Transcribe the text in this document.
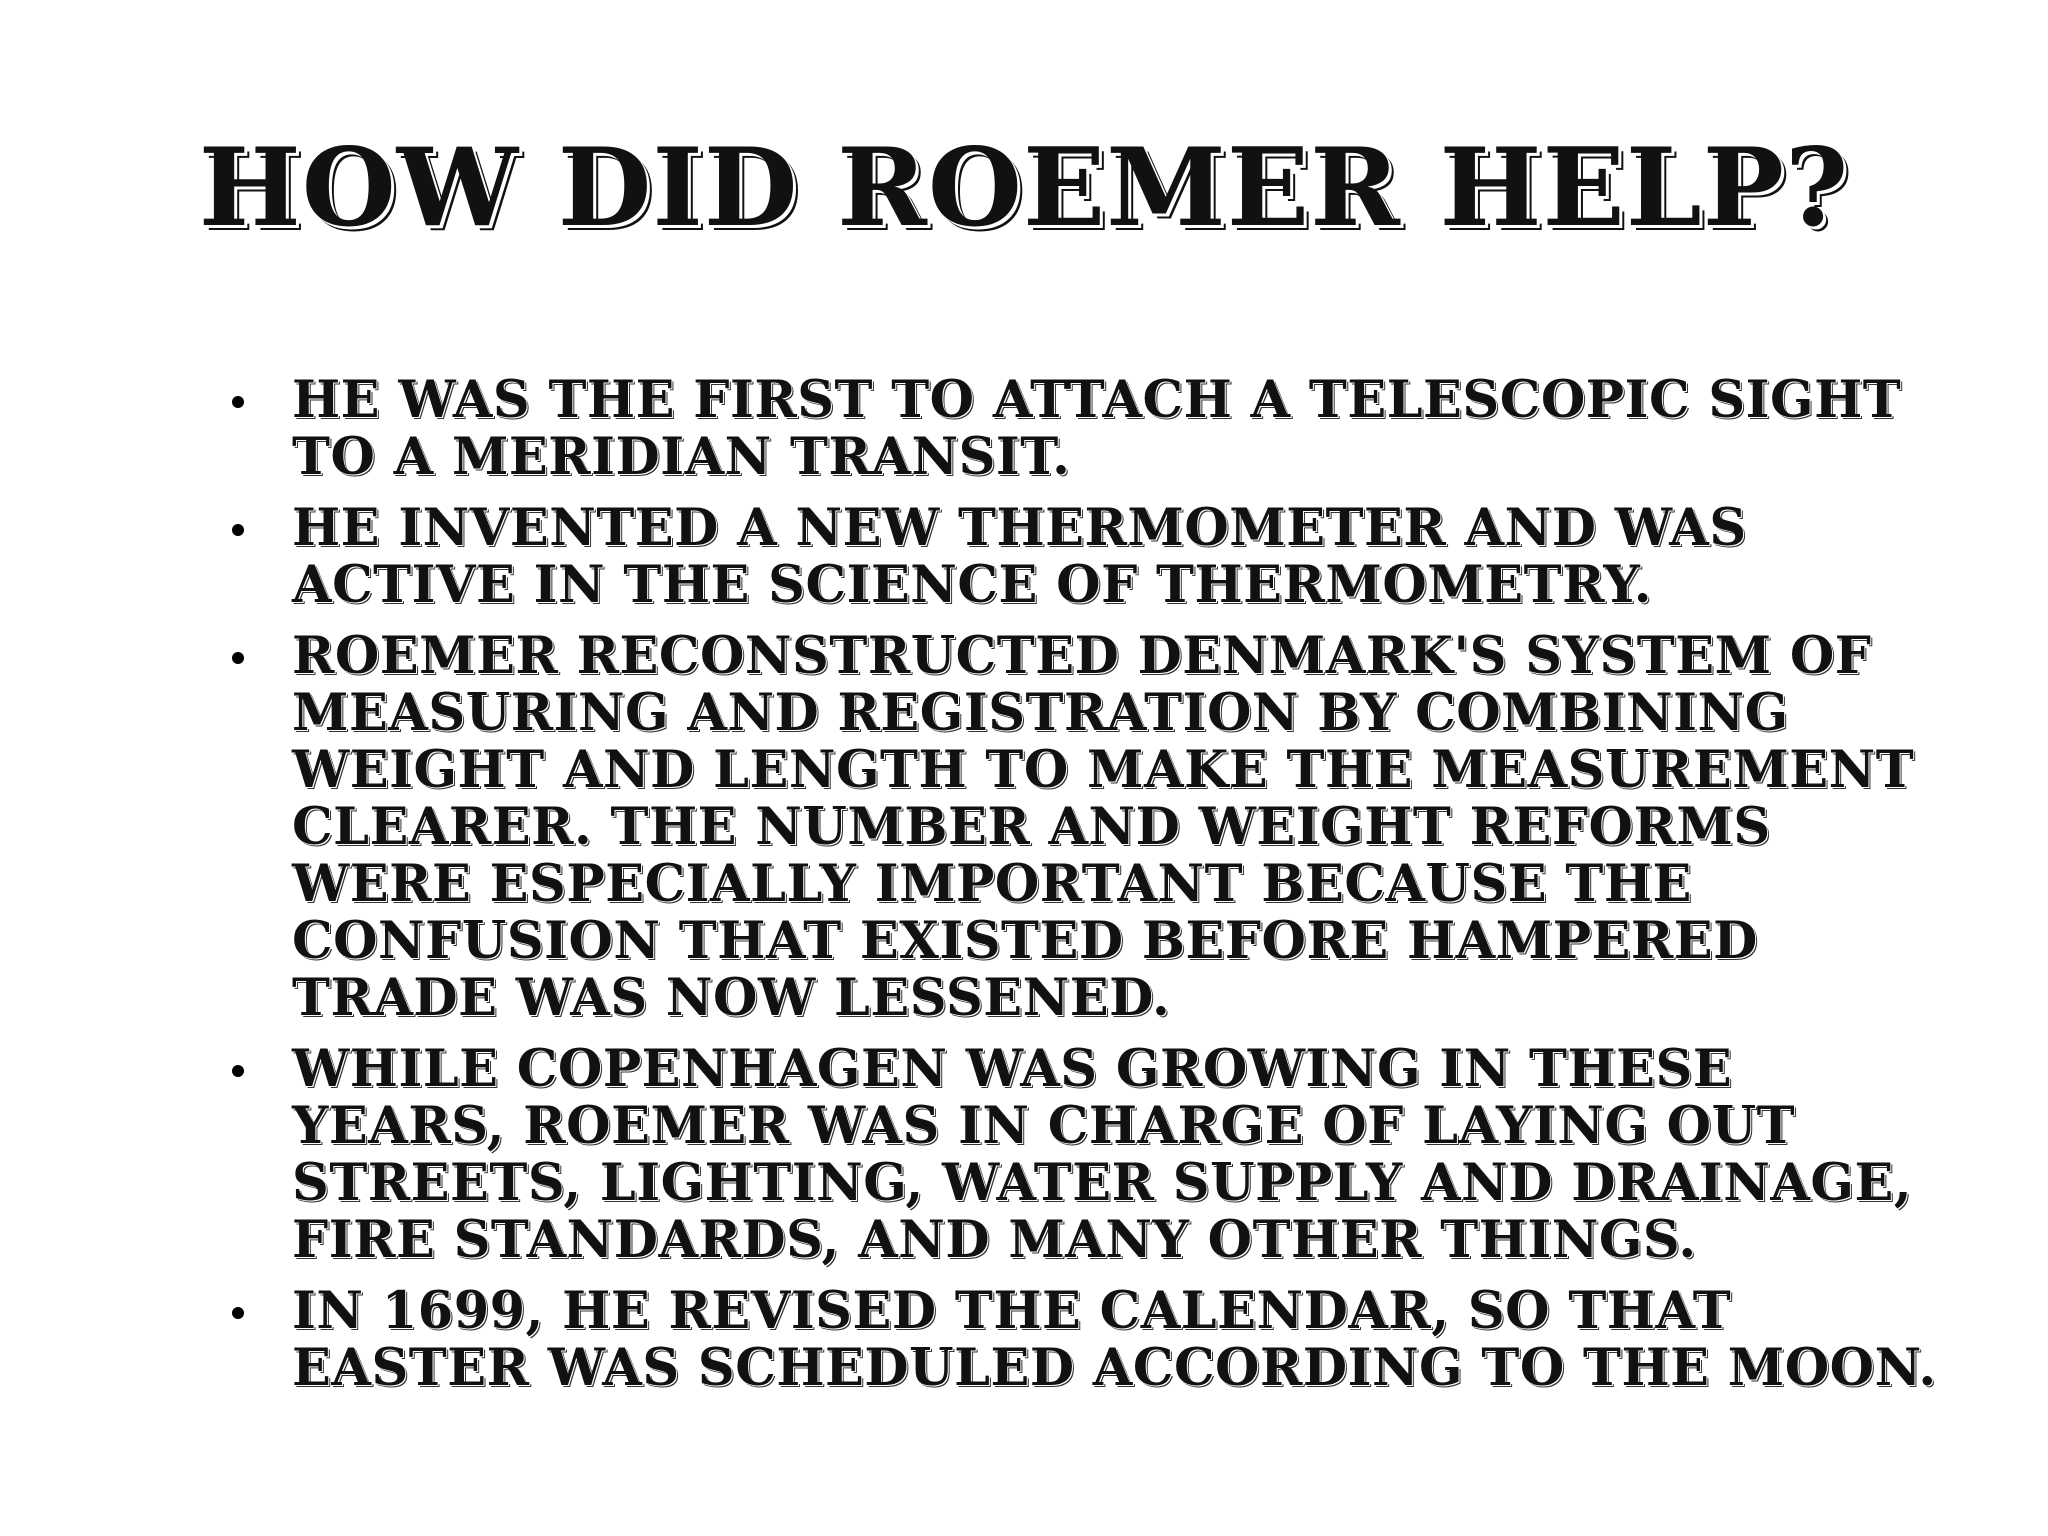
HOW DID ROEMER HELP?
HE WAS THE FIRST TO ATTACH A TELESCOPIC SIGHT TO A MERIDIAN TRANSIT.
HE INVENTED A NEW THERMOMETER AND WAS ACTIVE IN THE SCIENCE OF THERMOMETRY.
ROEMER RECONSTRUCTED DENMARK'S SYSTEM OF MEASURING AND REGISTRATION BY COMBINING WEIGHT AND LENGTH TO MAKE THE MEASUREMENT CLEARER. THE NUMBER AND WEIGHT REFORMS WERE ESPECIALLY IMPORTANT BECAUSE THE CONFUSION THAT EXISTED BEFORE HAMPERED TRADE WAS NOW LESSENED.
WHILE COPENHAGEN WAS GROWING IN THESE YEARS, ROEMER WAS IN CHARGE OF LAYING OUT STREETS, LIGHTING, WATER SUPPLY AND DRAINAGE, FIRE STANDARDS, AND MANY OTHER THINGS.
IN 1699, HE REVISED THE CALENDAR, SO THAT EASTER WAS SCHEDULED ACCORDING TO THE MOON.
